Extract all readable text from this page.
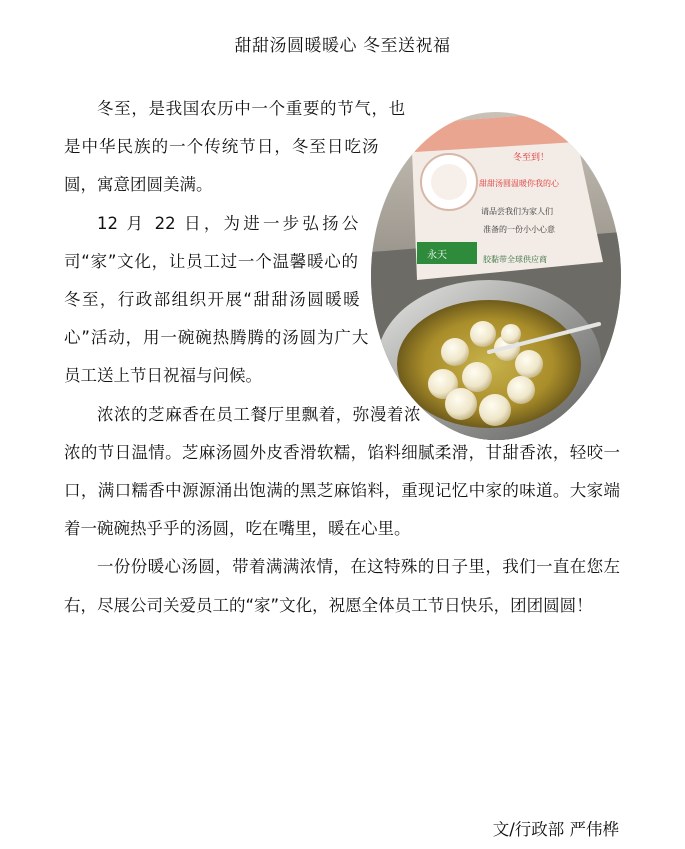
甜甜汤圆暖暖心 冬至送祝福

冬至，是我国农历中一个重要的节气，也是中华民族的一个传统节日，冬至日吃汤圆，寓意团圆美满。

12 月 22 日，为进一步弘扬公司“家”文化，让员工过一个温馨暖心的冬至，行政部组织开展“甜甜汤圆暖暖心”活动，用一碗碗热腾腾的汤圆为广大员工送上节日祝福与问候。

浓浓的芝麻香在员工餐厅里飘着，弥漫着浓浓的节日温情。芝麻汤圆外皮香滑软糯，馅料细腻柔滑，甘甜香浓，轻咬一口，满口糯香中源源涌出饱满的黑芝麻馅料，重现记忆中家的味道。大家端着一碗碗热乎乎的汤圆，吃在嘴里，暖在心里。

一份份暖心汤圆，带着满满浓情，在这特殊的日子里，我们一直在您左右，尽展公司关爱员工的“家”文化，祝愿全体员工节日快乐，团团圆圆！

冬至到！
甜甜汤圆温暖你我的心
请品尝我们为家人们
准备的一份小小心意
永天	胶黏带全球供应商
文/行政部 严伟桦
